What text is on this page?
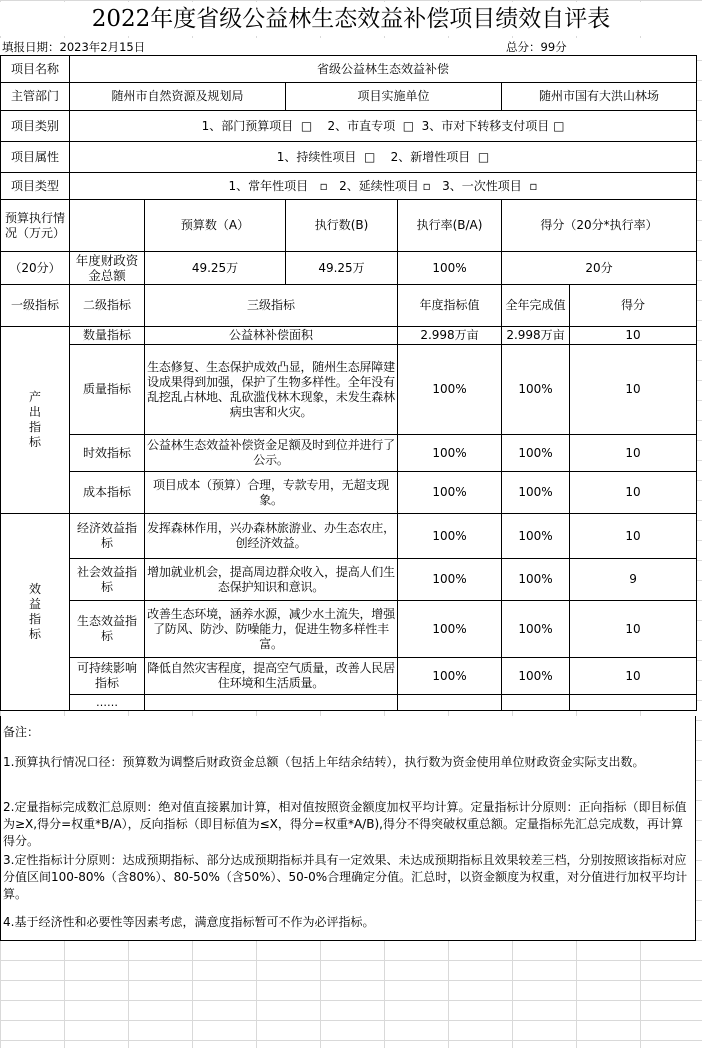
2022年度省级公益林生态效益补偿项目绩效自评表
填报日期：2023年2月15日	总分：99分
项目名称	省级公益林生态效益补偿					
主管部门	随州市自然资源及规划局		项目实施单位		随州市国有大洪山林场	
项目类别	1、部门预算项目  □    2、市直专项  □  3、市对下转移支付项目 □					
项目属性	1、持续性项目  □    2、新增性项目  □					
项目类型	1、常年性项目   ▫   2、延续性项目 ▫   3、一次性项目  ▫					
预算执行情况（万元）		预算数（A）	执行数(B)	执行率(B/A)	得分（20分*执行率）	
（20分）	年度财政资金总额	49.25万	49.25万	100%	20分	
一级指标	二级指标	三级指标		年度指标值	全年完成值	得分

产出指标	数量指标	公益林补偿面积		2.998万亩	2.998万亩	10
	质量指标	生态修复、生态保护成效凸显，随州生态屏障建设成果得到加强，保护了生物多样性。全年没有乱挖乱占林地、乱砍滥伐林木现象，未发生森林病虫害和火灾。		100%	100%	10
	时效指标	公益林生态效益补偿资金足额及时到位并进行了公示。		100%	100%	10
	成本指标	项目成本（预算）合理，专款专用，无超支现象。		100%	100%	10

效益指标	经济效益指标	发挥森林作用，兴办森林旅游业、办生态农庄，创经济效益。		100%	100%	10
	社会效益指标	增加就业机会，提高周边群众收入，提高人们生态保护知识和意识。		100%	100%	9
	生态效益指标	改善生态环境，涵养水源，减少水土流失，增强了防风、防沙、防噪能力，促进生物多样性丰富。		100%	100%	10
	可持续影响指标	降低自然灾害程度，提高空气质量，改善人民居住环境和生活质量。		100%	100%	10
	……					

备注：

1.预算执行情况口径：预算数为调整后财政资金总额（包括上年结余结转），执行数为资金使用单位财政资金实际支出数。

2.定量指标完成数汇总原则：绝对值直接累加计算，相对值按照资金额度加权平均计算。定量指标计分原则：正向指标（即目标值为≥X,得分=权重*B/A），反向指标（即目标值为≤X，得分=权重*A/B),得分不得突破权重总额。定量指标先汇总完成数，再计算得分。

3.定性指标计分原则：达成预期指标、部分达成预期指标并具有一定效果、未达成预期指标且效果较差三档，分别按照该指标对应分值区间100-80%（含80%）、80-50%（含50%）、50-0%合理确定分值。汇总时，以资金额度为权重，对分值进行加权平均计算。

4.基于经济性和必要性等因素考虑，满意度指标暂可不作为必评指标。
